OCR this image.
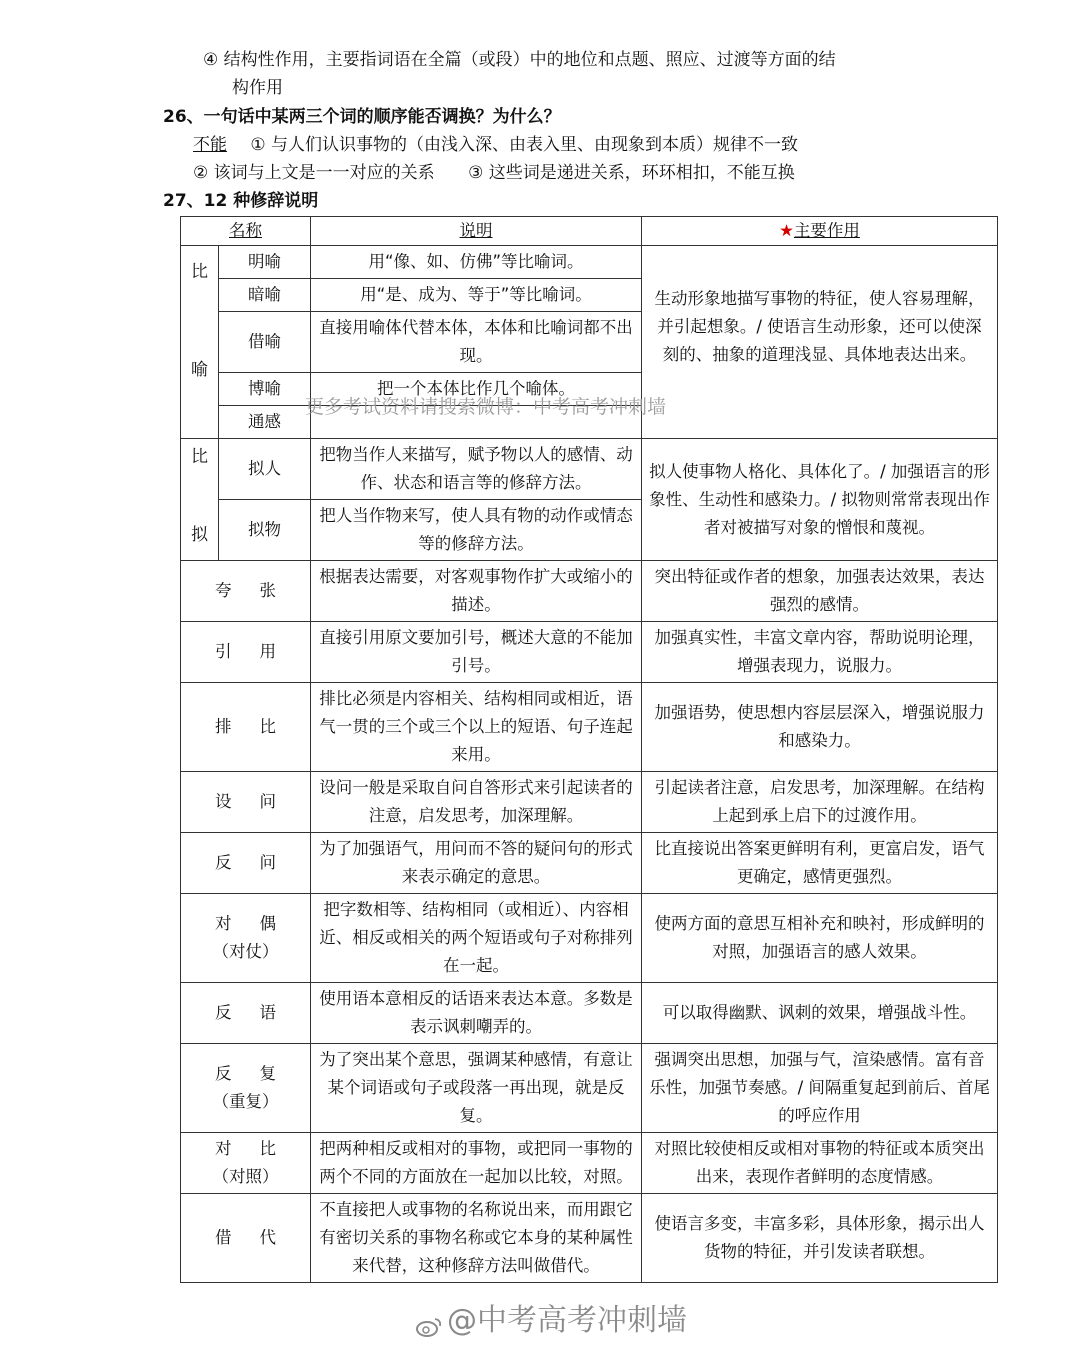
④ 结构性作用，主要指词语在全篇（或段）中的地位和点题、照应、过渡等方面的结
构作用
26、一句话中某两三个词的顺序能否调换？为什么？
不能 ① 与人们认识事物的（由浅入深、由表入里、由现象到本质）规律不一致
② 该词与上文是一一对应的关系 ③ 这些词是递进关系，环环相扣，不能互换
27、12 种修辞说明
名称		说明	★主要作用

比
喻	明喻	用“像、如、仿佛”等比喻词。	生动形象地描写事物的特征，使人容易理解，并引起想象。/ 使语言生动形象，还可以使深刻的、抽象的道理浅显、具体地表达出来。
	暗喻	用“是、成为、等于”等比喻词。	
	借喻	直接用喻体代替本体，本体和比喻词都不出现。	
	博喻	把一个本体比作几个喻体。	
	通感		

比
拟	拟人	把物当作人来描写，赋予物以人的感情、动作、状态和语言等的修辞方法。	拟人使事物人格化、具体化了。/ 加强语言的形象性、生动性和感染力。/ 拟物则常常表现出作者对被描写对象的憎恨和蔑视。
	拟物	把人当作物来写，使人具有物的动作或情态等的修辞方法。	
夸张		根据表达需要，对客观事物作扩大或缩小的描述。	突出特征或作者的想象，加强表达效果，表达强烈的感情。
引用		直接引用原文要加引号，概述大意的不能加引号。	加强真实性，丰富文章内容，帮助说明论理，增强表现力，说服力。
排比		排比必须是内容相关、结构相同或相近，语气一贯的三个或三个以上的短语、句子连起来用。	加强语势，使思想内容层层深入，增强说服力和感染力。
设问		设问一般是采取自问自答形式来引起读者的注意，启发思考，加深理解。	引起读者注意，启发思考，加深理解。在结构上起到承上启下的过渡作用。
反问		为了加强语气，用问而不答的疑问句的形式来表示确定的意思。	比直接说出答案更鲜明有利，更富启发，语气更确定，感情更强烈。
对偶
（对仗）		把字数相等、结构相同（或相近）、内容相近、相反或相关的两个短语或句子对称排列在一起。	使两方面的意思互相补充和映衬，形成鲜明的对照，加强语言的感人效果。
反语		使用语本意相反的话语来表达本意。多数是表示讽刺嘲弄的。	可以取得幽默、讽刺的效果，增强战斗性。
反复
（重复）		为了突出某个意思，强调某种感情，有意让某个词语或句子或段落一再出现，就是反复。	强调突出思想，加强与气，渲染感情。富有音乐性，加强节奏感。/ 间隔重复起到前后、首尾的呼应作用
对比
（对照）		把两种相反或相对的事物，或把同一事物的两个不同的方面放在一起加以比较，对照。	对照比较使相反或相对事物的特征或本质突出出来，表现作者鲜明的态度情感。
借代		不直接把人或事物的名称说出来，而用跟它有密切关系的事物名称或它本身的某种属性来代替，这种修辞方法叫做借代。	使语言多变，丰富多彩，具体形象，揭示出人货物的特征，并引发读者联想。
更多考试资料请搜索微博：中考高考冲刺墙
@中考高考冲刺墙
